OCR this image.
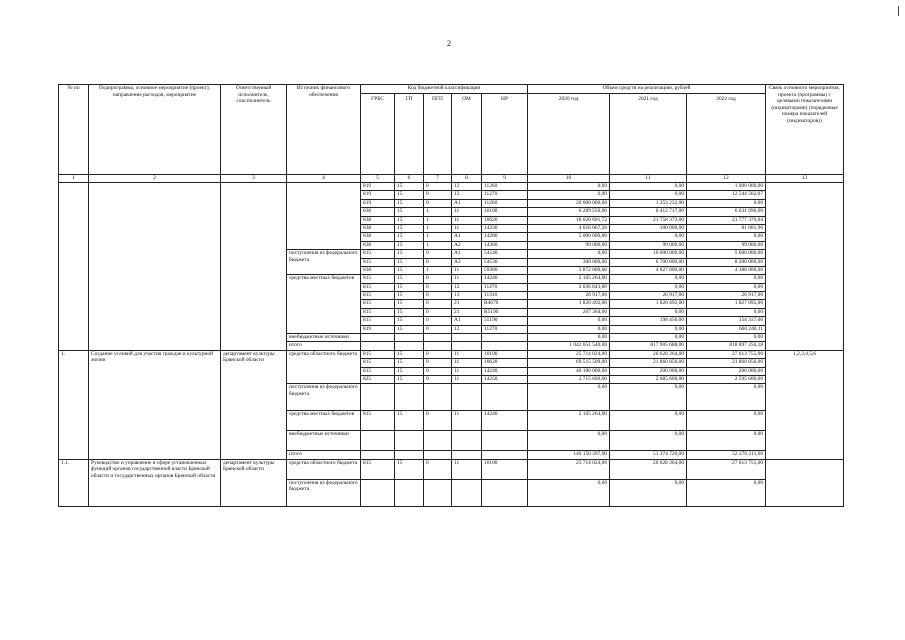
2
№ пп	Подпрограмма, основное мероприятие (проект), направление расходов, мероприятие	Ответственный исполнитель, соисполнитель	Источник финансового обеспечения	Код бюджетной классификации					Объем средств на реализацию, рублей			Связь основного мероприятия, проекта (программы) с целевыми показателями (индикаторами) (порядковые номера показателей (индикаторов))
				ГРБС	ГП	ПГП	ОМ	НР	2020 год	2021 год	2022 год	
1	2	3	4	5	6	7	8	9	10	11	12	13
				819	15	0	12	11260	0,00	0,00	1 000 000,00	
				819	15	0	12	11270	0,00	0,00	12 544 562,07	
				819	15	0	A1	11260	20 000 000,00	1 253 232,00	0,00	
				838	15	1	11	10100	6 209 550,00	6 412 717,00	6 631 696,00	
				838	15	1	11	10620	18 620 691,72	21 758 372,00	21 777 370,04	
				838	15	1	11	14230	4 616 067,28	100 000,00	81 001,96	
				838	15	1	A1	14280	5 000 000,00	0,00	0,00	
				838	15	1	A2	14360	99 000,00	99 000,00	99 000,00	
			поступления из федерального бюджета	815	15	0	A1	54540	0,00	10 000 000,00	5 000 000,00	
				815	15	0	A3	54530	300 000,00	6 700 000,00	8 200 000,00	
				838	15	1	11	59300	3 872 000,00	4 027 000,00	4 188 000,00	
			средства местных бюджетов	815	15	0	11	14240	2 105 264,00	0,00	0,00	
				815	15	0	12	11270	2 036 843,00	0,00	0,00	
				815	15	0	13	11310	26 917,00	26 917,00	26 917,00	
				815	15	0	21	R4670	1 820 492,00	1 820 492,00	1 827 095,00	
				815	15	0	21	R5190	267 364,00	0,00	0,00	
				815	15	0	A1	55190	0,00	198 456,00	154 337,00	
				819	15	0	12	11270	0,00	0,00	660 240,11	
			внебюджетные источники						0,00	0,00	0,00	
			итого						1 042 651 540,00	817 905 688,00	818 897 256,18	
1.	Создание условий для участия граждан в культурной жизни	департамент культуры Брянской области	средства областного бюджета	815	15	0	11	10100	25 714 024,00	26 628 264,00	27 613 755,00	1,2,3,4,5,6
				815	15	0	11	10620	69 515 509,00	21 860 856,00	21 860 856,00	
				815	15	0	11	14240	40 100 000,00	200 000,00	200 000,00	
				825	15	0	11	14250	2 715 600,00	2 685 600,00	2 595 600,00	
			поступления из федерального бюджета						0,00	0,00	0,00	
			средства местных бюджетов	815	15	0	11	14240	2 105 264,00	0,00	0,00	
			внебюджетные источники						0,00	0,00	0,00	
			итого						140 150 397,00	51 374 720,00	52 270 211,00	
1.1.	Руководство и управление в сфере установленных функций органов государственной власти Брянской области и государственных органов Брянской области	департамент культуры Брянской области	средства областного бюджета	815	15	0	11	10100	25 714 024,00	26 628 264,00	27 613 755,00	
			поступления из федерального бюджета						0,00	0,00	0,00	
